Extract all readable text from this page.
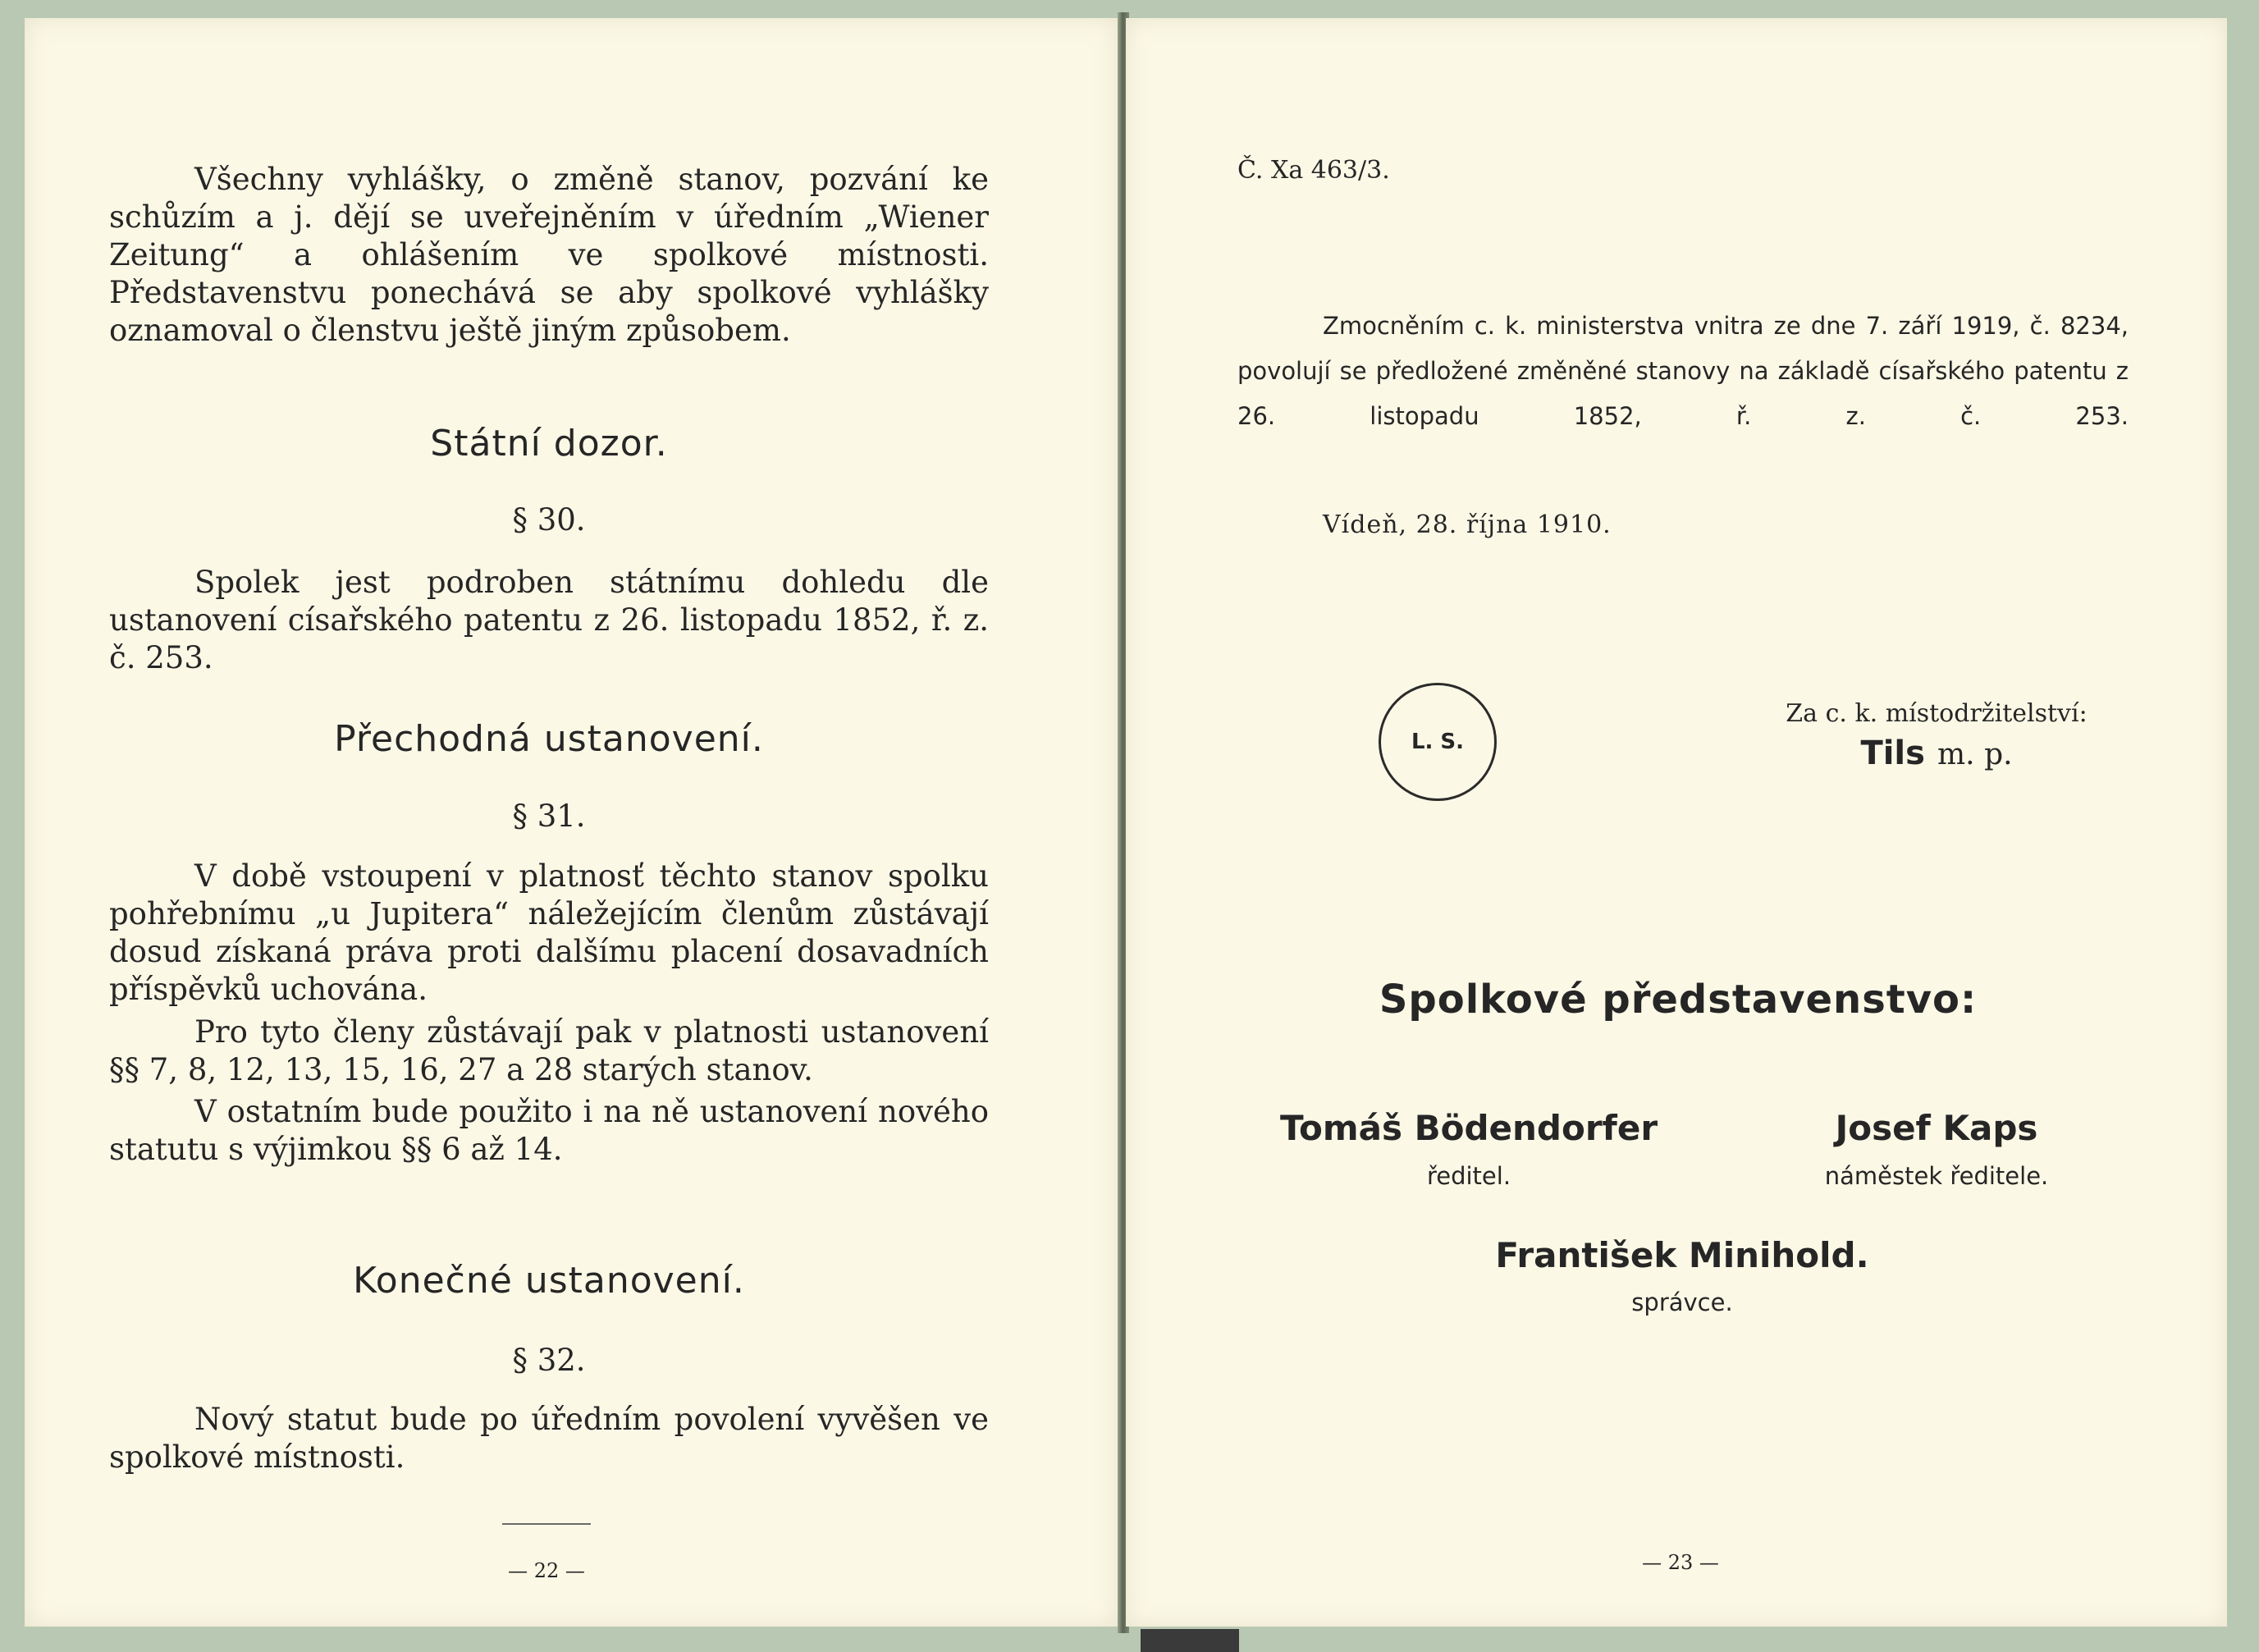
Všechny vyhlášky, o změně stanov, pozvání ke schůzím a j. dějí se uveřejněním v úředním „Wiener Zeitung“ a ohlášením ve spolkové místnosti. Představenstvu ponechává se aby spolkové vyhlášky oznamoval o členstvu ještě jiným způsobem.

Státní dozor.
§ 30.

Spolek jest podroben státnímu dohledu dle ustanovení císařského patentu z 26. listopadu 1852, ř. z. č. 253.

Přechodná ustanovení.
§ 31.

V době vstoupení v platnosť těchto stanov spolku pohřebnímu „u Jupitera“ náležejícím členům zůstávají dosud získaná práva proti dalšímu placení dosavadních příspěvků uchována.

Pro tyto členy zůstávají pak v platnosti ustanovení §§ 7, 8, 12, 13, 15, 16, 27 a 28 starých stanov.

V ostatním bude použito i na ně ustanovení nového statutu s výjimkou §§ 6 až 14.

Konečné ustanovení.
§ 32.

Nový statut bude po úředním povolení vyvěšen ve spolkové místnosti.

— 22 —
Č. Xa 463/3.

Zmocněním c. k. ministerstva vnitra ze dne 7. září 1919, č. 8234, povolují se předložené změněné stanovy na základě císařského patentu z 26. listopadu 1852, ř. z. č. 253.

Vídeň, 28. října 1910.
L. S.
Za c. k. místodržitelství:
Tils m. p.
Spolkové představenstvo:
Tomáš Bödendorfer
ředitel.
Josef Kaps
náměstek ředitele.
František Minihold.
správce.
— 23 —
